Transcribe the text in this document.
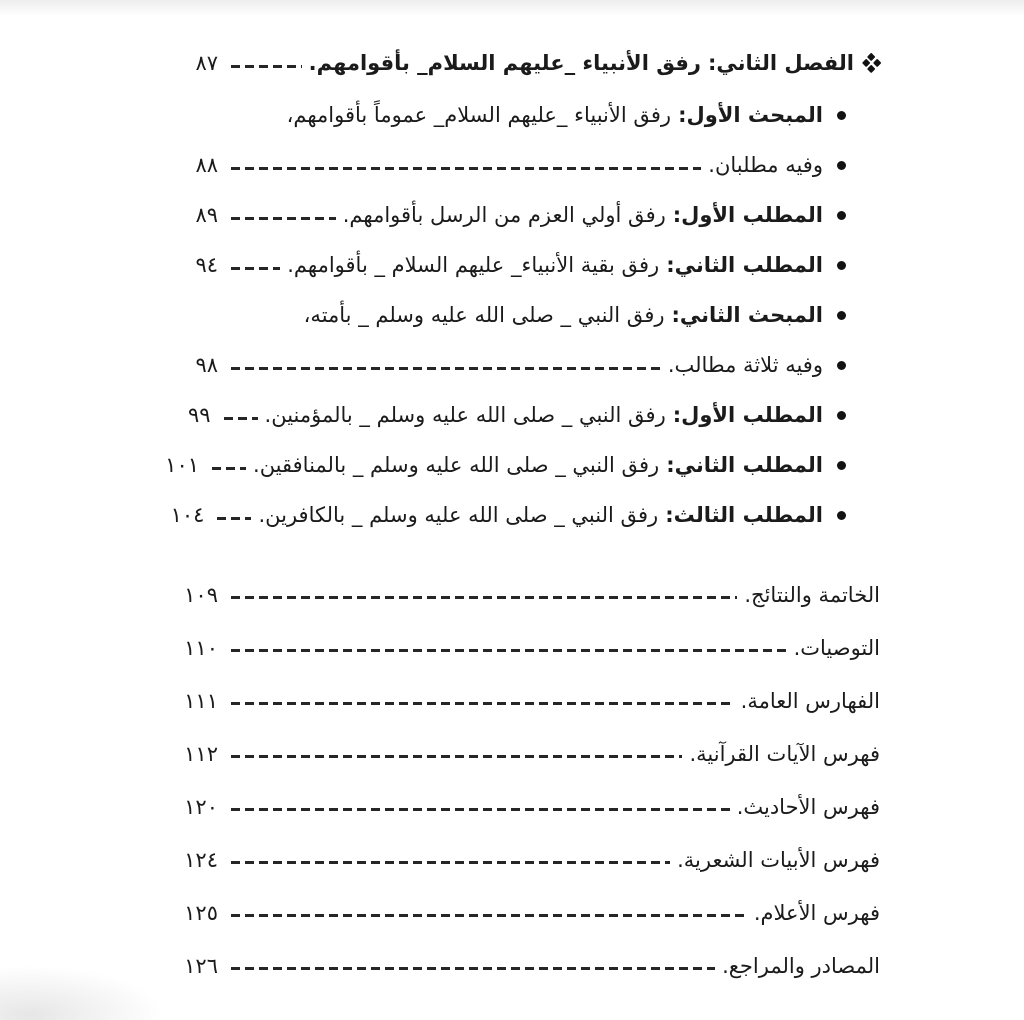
الفصل الثاني:
رفق الأنبياء _عليهم السلام_ بأقوامهم.
٨٧
المبحث الأول:
رفق الأنبياء _عليهم السلام_ عموماً بأقوامهم،
وفيه مطلبان.
٨٨
المطلب الأول:
رفق أولي العزم من الرسل بأقوامهم.
٨٩
المطلب الثاني:
رفق بقية الأنبياء_ عليهم السلام _ بأقوامهم.
٩٤
المبحث الثاني:
رفق النبي _ صلى الله عليه وسلم _ بأمته،
وفيه ثلاثة مطالب.
٩٨
المطلب الأول:
رفق النبي _ صلى الله عليه وسلم _ بالمؤمنين.
٩٩
المطلب الثاني:
رفق النبي _ صلى الله عليه وسلم _ بالمنافقين.
١٠١
المطلب الثالث:
رفق النبي _ صلى الله عليه وسلم _ بالكافرين.
١٠٤
الخاتمة والنتائج.
١٠٩
التوصيات.
١١٠
الفهارس العامة.
١١١
فهرس الآيات القرآنية.
١١٢
فهرس الأحاديث.
١٢٠
فهرس الأبيات الشعرية.
١٢٤
فهرس الأعلام.
١٢٥
المصادر والمراجع.
١٢٦
